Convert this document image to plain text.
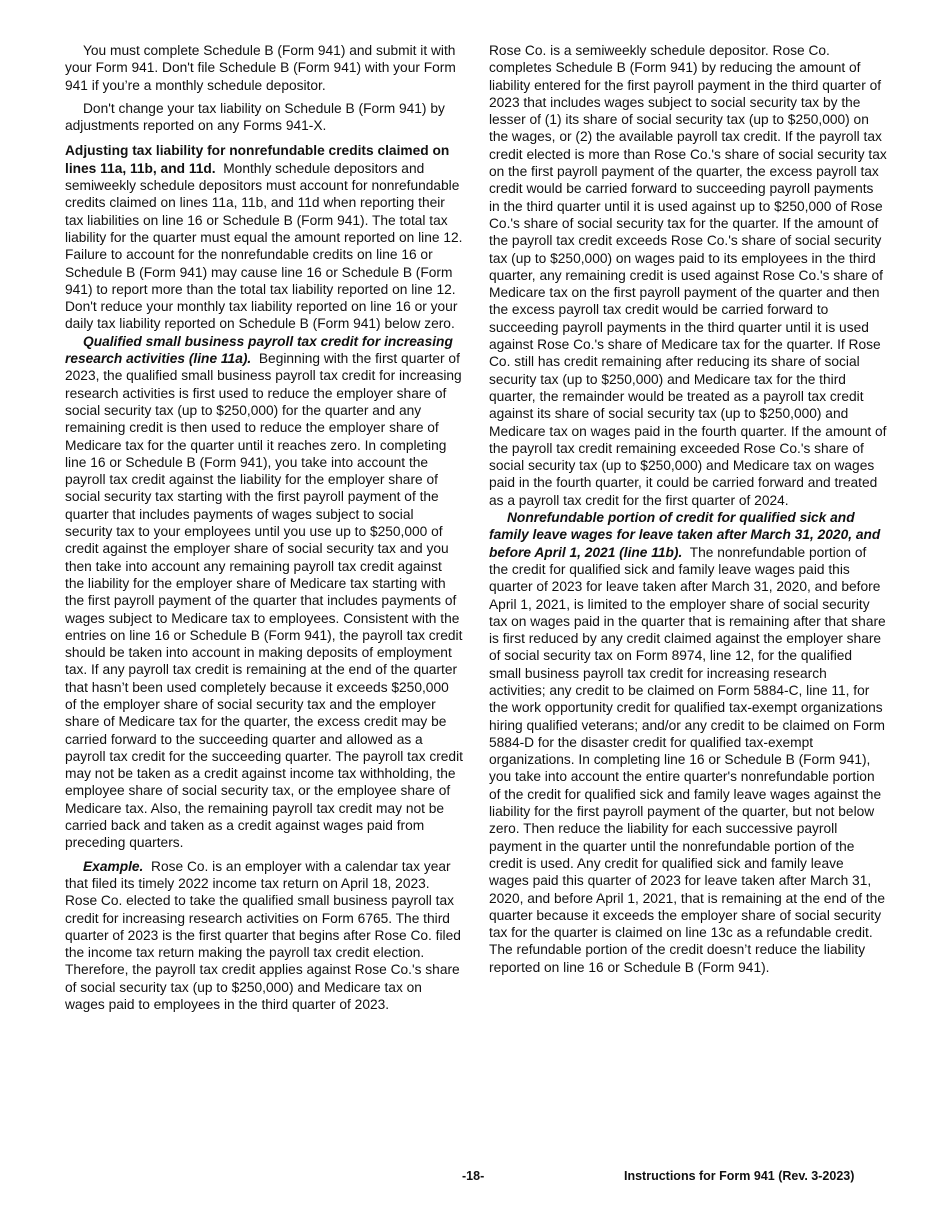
You must complete Schedule B (Form 941) and submit it with your Form 941. Don't file Schedule B (Form 941) with your Form 941 if you’re a monthly schedule depositor.

Don't change your tax liability on Schedule B (Form 941) by adjustments reported on any Forms 941-X.

Adjusting tax liability for nonrefundable credits claimed on lines 11a, 11b, and 11d. Monthly schedule depositors and semiweekly schedule depositors must account for nonrefundable credits claimed on lines 11a, 11b, and 11d when reporting their tax liabilities on line 16 or Schedule B (Form 941). The total tax liability for the quarter must equal the amount reported on line 12. Failure to account for the nonrefundable credits on line 16 or Schedule B (Form 941) may cause line 16 or Schedule B (Form 941) to report more than the total tax liability reported on line 12. Don't reduce your monthly tax liability reported on line 16 or your daily tax liability reported on Schedule B (Form 941) below zero.

Qualified small business payroll tax credit for increasing research activities (line 11a). Beginning with the first quarter of 2023, the qualified small business payroll tax credit for increasing research activities is first used to reduce the employer share of social security tax (up to $250,000) for the quarter and any remaining credit is then used to reduce the employer share of Medicare tax for the quarter until it reaches zero. In completing line 16 or Schedule B (Form 941), you take into account the payroll tax credit against the liability for the employer share of social security tax starting with the first payroll payment of the quarter that includes payments of wages subject to social security tax to your employees until you use up to $250,000 of credit against the employer share of social security tax and you then take into account any remaining payroll tax credit against the liability for the employer share of Medicare tax starting with the first payroll payment of the quarter that includes payments of wages subject to Medicare tax to employees. Consistent with the entries on line 16 or Schedule B (Form 941), the payroll tax credit should be taken into account in making deposits of employment tax. If any payroll tax credit is remaining at the end of the quarter that hasn’t been used completely because it exceeds $250,000 of the employer share of social security tax and the employer share of Medicare tax for the quarter, the excess credit may be carried forward to the succeeding quarter and allowed as a payroll tax credit for the succeeding quarter. The payroll tax credit may not be taken as a credit against income tax withholding, the employee share of social security tax, or the employee share of Medicare tax. Also, the remaining payroll tax credit may not be carried back and taken as a credit against wages paid from preceding quarters.

Example. Rose Co. is an employer with a calendar tax year that filed its timely 2022 income tax return on April 18, 2023. Rose Co. elected to take the qualified small business payroll tax credit for increasing research activities on Form 6765. The third quarter of 2023 is the first quarter that begins after Rose Co. filed the income tax return making the payroll tax credit election. Therefore, the payroll tax credit applies against Rose Co.'s share of social security tax (up to $250,000) and Medicare tax on wages paid to employees in the third quarter of 2023.

Rose Co. is a semiweekly schedule depositor. Rose Co. completes Schedule B (Form 941) by reducing the amount of liability entered for the first payroll payment in the third quarter of 2023 that includes wages subject to social security tax by the lesser of (1) its share of social security tax (up to $250,000) on the wages, or (2) the available payroll tax credit. If the payroll tax credit elected is more than Rose Co.'s share of social security tax on the first payroll payment of the quarter, the excess payroll tax credit would be carried forward to succeeding payroll payments in the third quarter until it is used against up to $250,000 of Rose Co.'s share of social security tax for the quarter. If the amount of the payroll tax credit exceeds Rose Co.'s share of social security tax (up to $250,000) on wages paid to its employees in the third quarter, any remaining credit is used against Rose Co.'s share of Medicare tax on the first payroll payment of the quarter and then the excess payroll tax credit would be carried forward to succeeding payroll payments in the third quarter until it is used against Rose Co.'s share of Medicare tax for the quarter. If Rose Co. still has credit remaining after reducing its share of social security tax (up to $250,000) and Medicare tax for the third quarter, the remainder would be treated as a payroll tax credit against its share of social security tax (up to $250,000) and Medicare tax on wages paid in the fourth quarter. If the amount of the payroll tax credit remaining exceeded Rose Co.'s share of social security tax (up to $250,000) and Medicare tax on wages paid in the fourth quarter, it could be carried forward and treated as a payroll tax credit for the first quarter of 2024.

Nonrefundable portion of credit for qualified sick and family leave wages for leave taken after March 31, 2020, and before April 1, 2021 (line 11b). The nonrefundable portion of the credit for qualified sick and family leave wages paid this quarter of 2023 for leave taken after March 31, 2020, and before April 1, 2021, is limited to the employer share of social security tax on wages paid in the quarter that is remaining after that share is first reduced by any credit claimed against the employer share of social security tax on Form 8974, line 12, for the qualified small business payroll tax credit for increasing research activities; any credit to be claimed on Form 5884-C, line 11, for the work opportunity credit for qualified tax-exempt organizations hiring qualified veterans; and/or any credit to be claimed on Form 5884-D for the disaster credit for qualified tax-exempt organizations. In completing line 16 or Schedule B (Form 941), you take into account the entire quarter's nonrefundable portion of the credit for qualified sick and family leave wages against the liability for the first payroll payment of the quarter, but not below zero. Then reduce the liability for each successive payroll payment in the quarter until the nonrefundable portion of the credit is used. Any credit for qualified sick and family leave wages paid this quarter of 2023 for leave taken after March 31, 2020, and before April 1, 2021, that is remaining at the end of the quarter because it exceeds the employer share of social security tax for the quarter is claimed on line 13c as a refundable credit. The refundable portion of the credit doesn’t reduce the liability reported on line 16 or Schedule B (Form 941).

-18-	Instructions for Form 941 (Rev. 3-2023)
